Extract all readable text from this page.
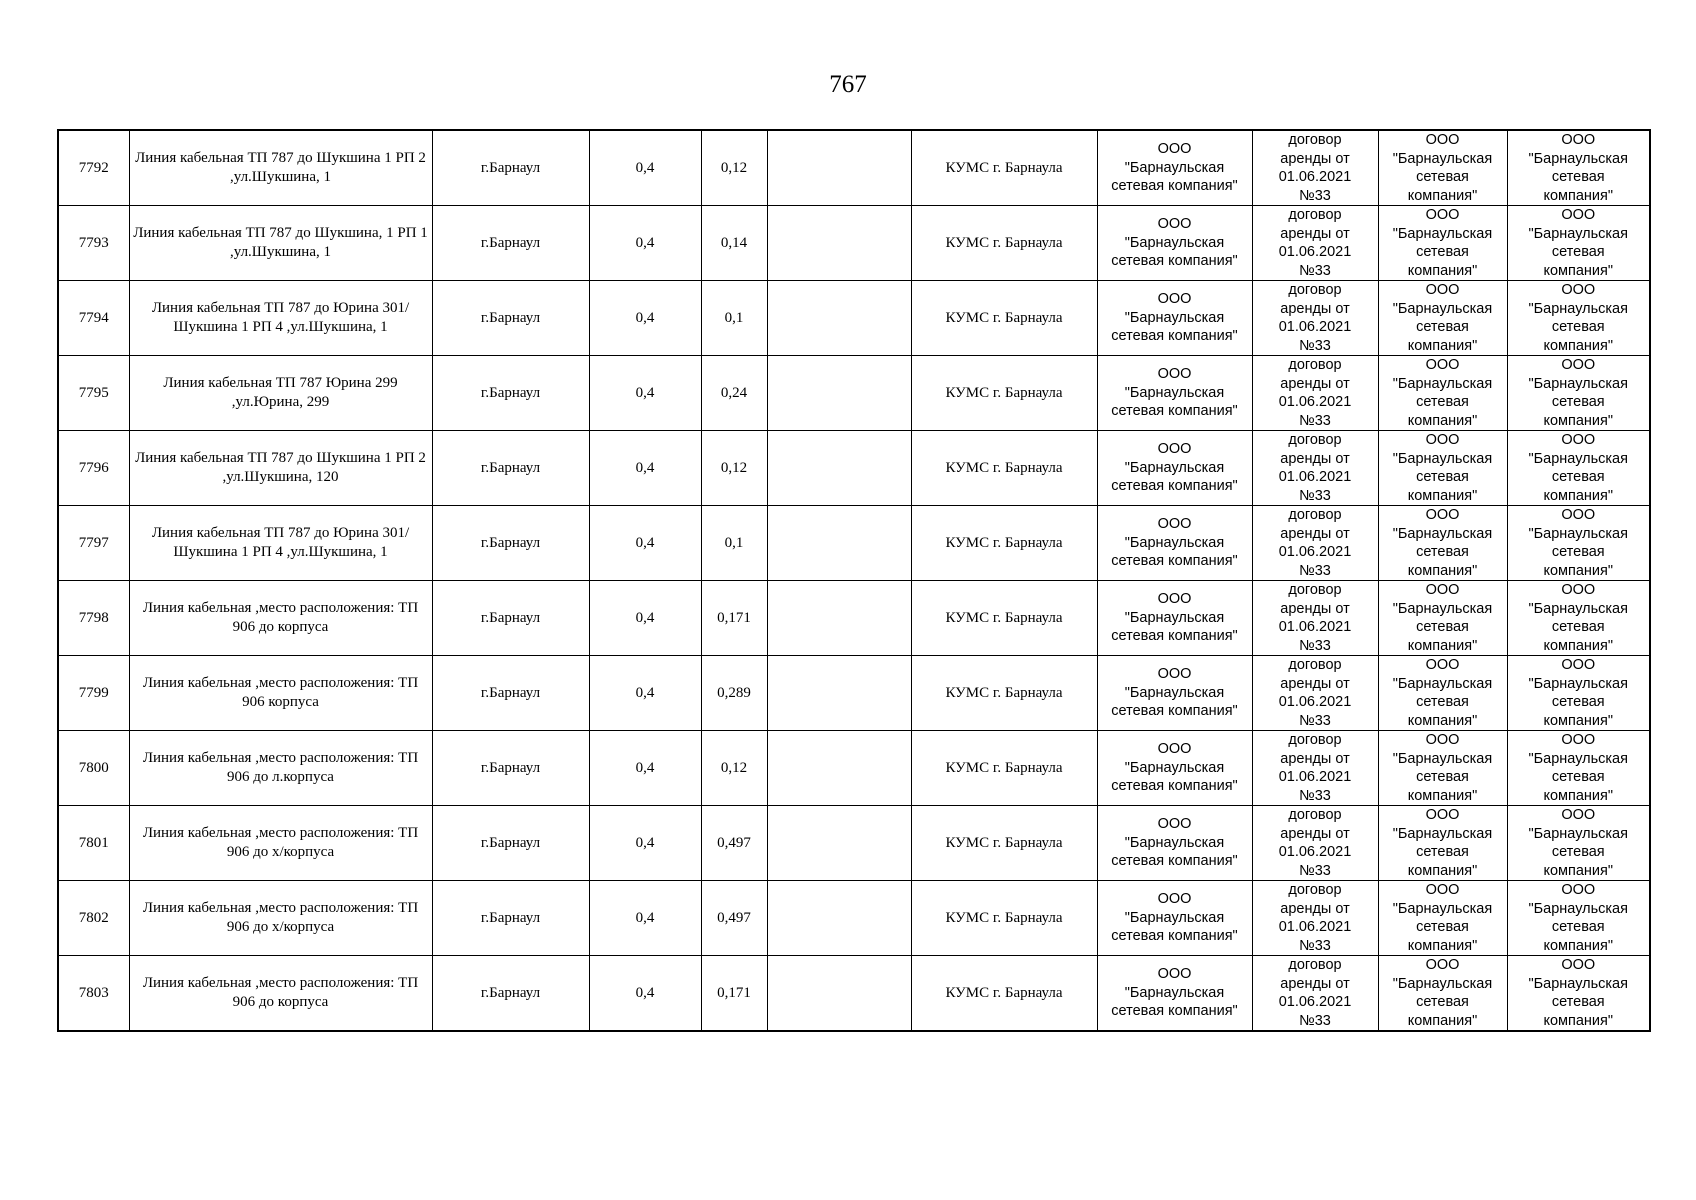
767
7792	Линия кабельная ТП 787 до Шукшина 1 РП 2 ,ул.Шукшина, 1	г.Барнаул	0,4	0,12		КУМС г. Барнаула	ООО
"Барнаульская
сетевая компания"	договор
аренды от
01.06.2021
№33	ООО
"Барнаульская
сетевая
компания"	ООО
"Барнаульская
сетевая
компания"

7793	Линия кабельная ТП 787 до Шукшина, 1 РП 1 ,ул.Шукшина, 1	г.Барнаул	0,4	0,14		КУМС г. Барнаула	ООО
"Барнаульская
сетевая компания"	договор
аренды от
01.06.2021
№33	ООО
"Барнаульская
сетевая
компания"	ООО
"Барнаульская
сетевая
компания"

7794	Линия кабельная ТП 787 до Юрина 301/ Шукшина 1 РП 4 ,ул.Шукшина, 1	г.Барнаул	0,4	0,1		КУМС г. Барнаула	ООО
"Барнаульская
сетевая компания"	договор
аренды от
01.06.2021
№33	ООО
"Барнаульская
сетевая
компания"	ООО
"Барнаульская
сетевая
компания"

7795	Линия кабельная ТП 787 Юрина 299 ,ул.Юрина, 299	г.Барнаул	0,4	0,24		КУМС г. Барнаула	ООО
"Барнаульская
сетевая компания"	договор
аренды от
01.06.2021
№33	ООО
"Барнаульская
сетевая
компания"	ООО
"Барнаульская
сетевая
компания"

7796	Линия кабельная ТП 787 до Шукшина 1 РП 2 ,ул.Шукшина, 120	г.Барнаул	0,4	0,12		КУМС г. Барнаула	ООО
"Барнаульская
сетевая компания"	договор
аренды от
01.06.2021
№33	ООО
"Барнаульская
сетевая
компания"	ООО
"Барнаульская
сетевая
компания"

7797	Линия кабельная ТП 787 до Юрина 301/ Шукшина 1 РП 4 ,ул.Шукшина, 1	г.Барнаул	0,4	0,1		КУМС г. Барнаула	ООО
"Барнаульская
сетевая компания"	договор
аренды от
01.06.2021
№33	ООО
"Барнаульская
сетевая
компания"	ООО
"Барнаульская
сетевая
компания"

7798	Линия кабельная ,место расположения: ТП 906 до корпуса	г.Барнаул	0,4	0,171		КУМС г. Барнаула	ООО
"Барнаульская
сетевая компания"	договор
аренды от
01.06.2021
№33	ООО
"Барнаульская
сетевая
компания"	ООО
"Барнаульская
сетевая
компания"

7799	Линия кабельная ,место расположения: ТП 906 корпуса	г.Барнаул	0,4	0,289		КУМС г. Барнаула	ООО
"Барнаульская
сетевая компания"	договор
аренды от
01.06.2021
№33	ООО
"Барнаульская
сетевая
компания"	ООО
"Барнаульская
сетевая
компания"

7800	Линия кабельная ,место расположения: ТП 906 до л.корпуса	г.Барнаул	0,4	0,12		КУМС г. Барнаула	ООО
"Барнаульская
сетевая компания"	договор
аренды от
01.06.2021
№33	ООО
"Барнаульская
сетевая
компания"	ООО
"Барнаульская
сетевая
компания"

7801	Линия кабельная ,место расположения: ТП 906 до х/корпуса	г.Барнаул	0,4	0,497		КУМС г. Барнаула	ООО
"Барнаульская
сетевая компания"	договор
аренды от
01.06.2021
№33	ООО
"Барнаульская
сетевая
компания"	ООО
"Барнаульская
сетевая
компания"

7802	Линия кабельная ,место расположения: ТП 906 до х/корпуса	г.Барнаул	0,4	0,497		КУМС г. Барнаула	ООО
"Барнаульская
сетевая компания"	договор
аренды от
01.06.2021
№33	ООО
"Барнаульская
сетевая
компания"	ООО
"Барнаульская
сетевая
компания"

7803	Линия кабельная ,место расположения: ТП 906 до корпуса	г.Барнаул	0,4	0,171		КУМС г. Барнаула	ООО
"Барнаульская
сетевая компания"	договор
аренды от
01.06.2021
№33	ООО
"Барнаульская
сетевая
компания"	ООО
"Барнаульская
сетевая
компания"
